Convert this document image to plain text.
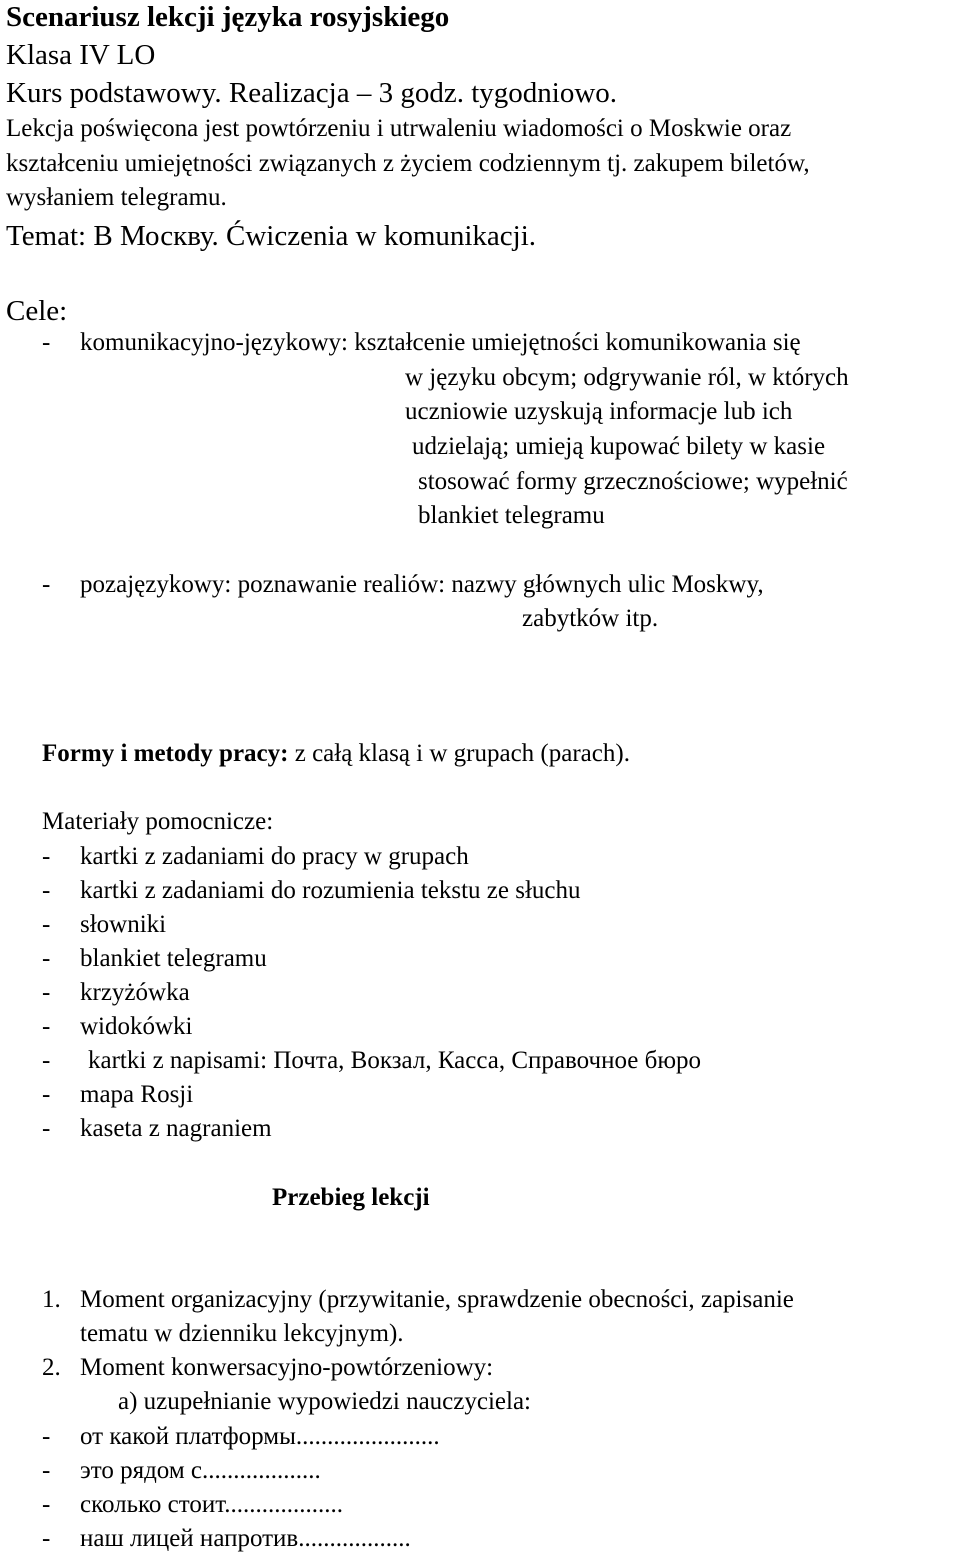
Scenariusz lekcji języka rosyjskiego
Klasa IV LO
Kurs podstawowy. Realizacja – 3 godz. tygodniowo.
Lekcja poświęcona jest powtórzeniu i utrwaleniu wiadomości o Moskwie oraz
kształceniu umiejętności związanych z życiem codziennym tj. zakupem biletów,
wysłaniem telegramu.
Temat: В Москву. Ćwiczenia w komunikacji.
Cele:
- komunikacyjno-językowy: kształcenie umiejętności komunikowania się
w języku obcym; odgrywanie ról, w których
uczniowie uzyskują informacje lub ich
udzielają; umieją kupować bilety w kasie
stosować formy grzecznościowe; wypełnić
blankiet telegramu
- pozajęzykowy: poznawanie realiów: nazwy głównych ulic Moskwy,
zabytków itp.
Formy i metody pracy: z całą klasą i w grupach (parach).
Materiały pomocnicze:
- kartki z zadaniami do pracy w grupach
- kartki z zadaniami do rozumienia tekstu ze słuchu
- słowniki
- blankiet telegramu
- krzyżówka
- widokówki
- kartki z napisami: Почта, Вокзал, Касса, Справочное бюро
- mapa Rosji
- kaseta z nagraniem
Przebieg lekcji
1. Moment organizacyjny (przywitanie, sprawdzenie obecności, zapisanie
tematu w dzienniku lekcyjnym).
2. Moment konwersacyjno-powtórzeniowy:
a) uzupełnianie wypowiedzi nauczyciela:
- от какой платформы.......................
- это рядом с...................
- сколько стоит...................
- наш лицей напротив..................
